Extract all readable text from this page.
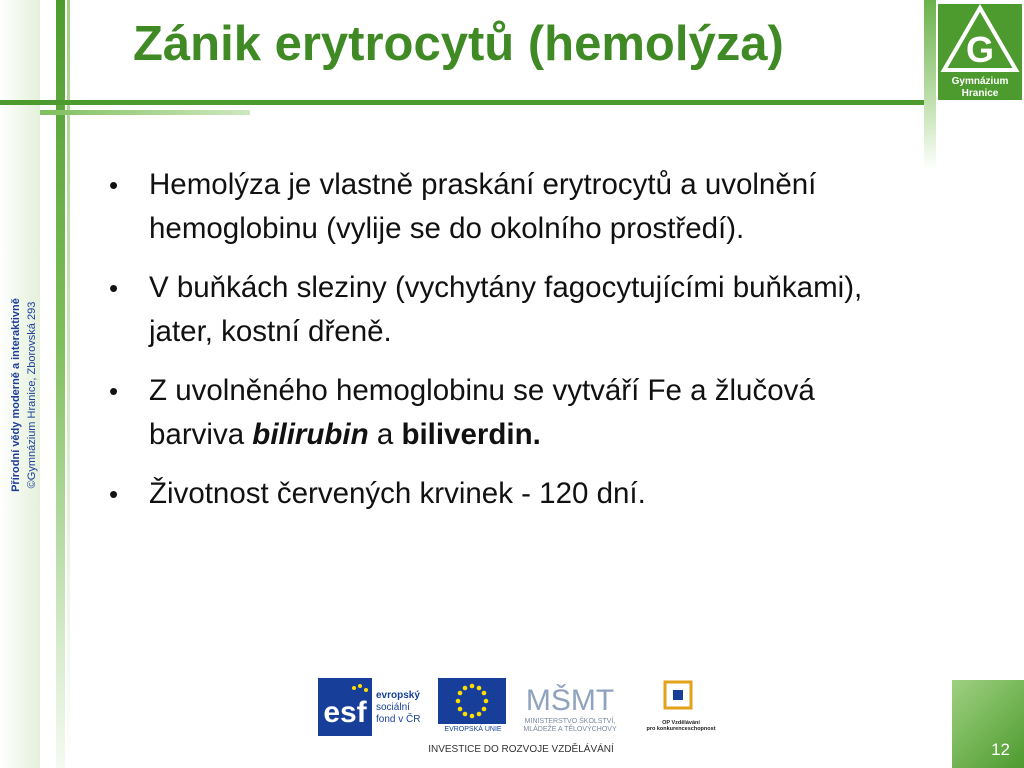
Zánik erytrocytů (hemolýza)	G
Gymnázium
Hranice
Přírodní vědy moderně a interaktivně ©Gymnázium Hranice, Zborovská 293

• Hemolýza je vlastně praskání erytrocytů a uvolnění hemoglobinu (vylije se do okolního prostředí).

• V buňkách sleziny (vychytány fagocytujícími buňkami), jater, kostní dřeně.

• Z uvolněného hemoglobinu se vytváří Fe a žlučová barviva bilirubin a biliverdin.

• Životnost červených krvinek - 120 dní.

esf
evropský
sociální
fond v ČR
EVROPSKÁ UNIE
MŠMT
MINISTERSTVO ŠKOLSTVÍ,
MLÁDEŽE A TĚLOVÝCHOVY
OP Vzdělávání
pro konkurenceschopnost
INVESTICE DO ROZVOJE VZDĚLÁVÁNÍ	12
